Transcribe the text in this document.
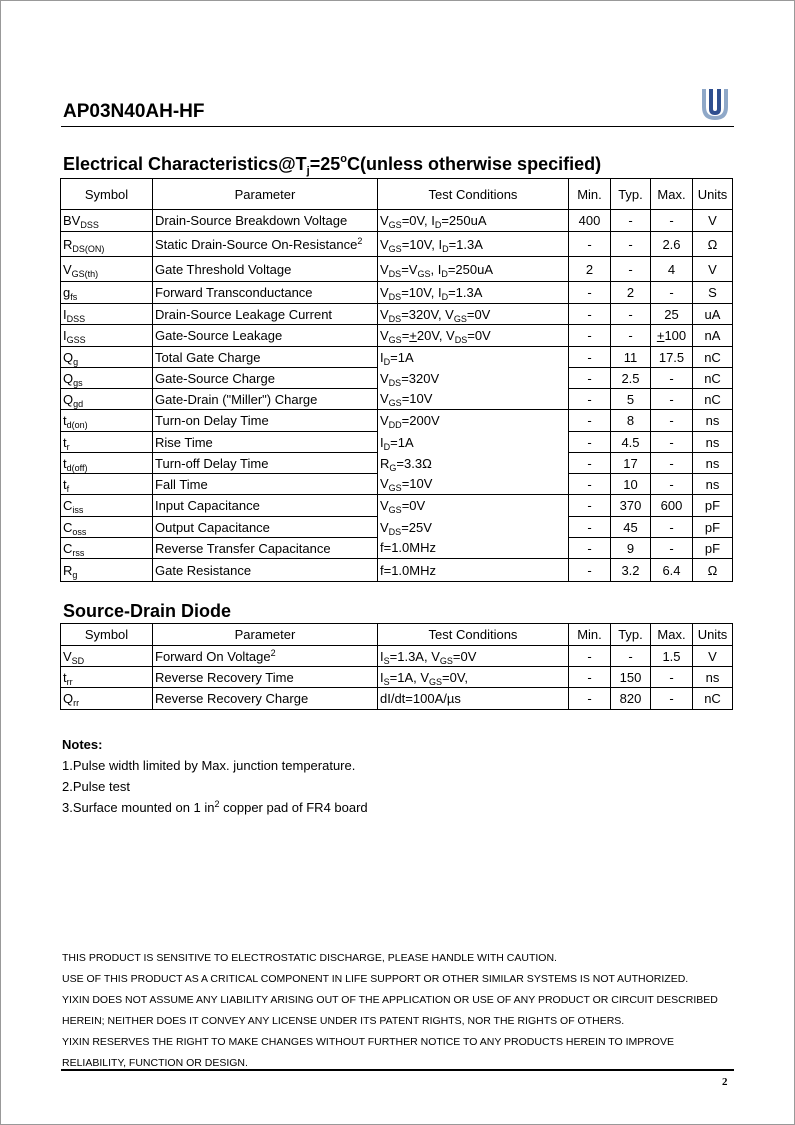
AP03N40AH-HF
Electrical $Characteristics@T_j=25^oC(unless$ otherwise specified)
Symbol	Parameter	Test Conditions	Min.	Typ.	Max.	Units
$BV_{DSS}$	Drain-Source Breakdown Voltage	$V_{GS}=0V$, $I_D=250uA$	400	-	-	V
$R_{DS(ON)}$	Static Drain-Source On-Resistance$^2$	$V_{GS}=10V$, $I_D=1.3A$	-	-	2.6	Ω
$V_{GS(th)}$	Gate Threshold Voltage	$V_{DS}=V_{GS}$, $I_D=250uA$	2	-	4	V
$g_{fs}$	Forward Transconductance	$V_{DS}=10V$, $I_D=1.3A$	-	2	-	S
$I_{DSS}$	Drain-Source Leakage Current	$V_{DS}=320V$, $V_{GS}=0V$	-	-	25	uA
$I_{GSS}$	Gate-Source Leakage	$V_{GS}=+20V$, $V_{DS}=0V$	-	-	+100	nA
$Q_g$	Total Gate Charge	$I_D=1A$	-	11	17.5	nC
$Q_{gs}$	Gate-Source Charge	$V_{DS}=320V$	-	2.5	-	nC
$Q_{gd}$	Gate-Drain ("Miller") Charge	$V_{GS}=10V$	-	5	-	nC
$t_{d(on)}$	Turn-on Delay Time	$V_{DD}=200V$	-	8	-	ns
$t_r$	Rise Time	$I_D=1A$	-	4.5	-	ns
$t_{d(off)}$	Turn-off Delay Time	$R_G=3.3\Omega$	-	17	-	ns
$t_f$	Fall Time	$V_{GS}=10V$	-	10	-	ns
$C_{iss}$	Input Capacitance	$V_{GS}=0V$	-	370	600	pF
$C_{oss}$	Output Capacitance	$V_{DS}=25V$	-	45	-	pF
$C_{rss}$	Reverse Transfer Capacitance	f=1.0MHz	-	9	-	pF
$R_g$	Gate Resistance	f=1.0MHz	-	3.2	6.4	Ω
Source-Drain Diode
Symbol	Parameter	Test Conditions	Min.	Typ.	Max.	Units
$V_{SD}$	Forward On Voltage$^2$	$I_S=1.3A$, $V_{GS}=0V$	-	-	1.5	V
$t_{rr}$	Reverse Recovery Time	$I_S=1A$, $V_{GS}=0V$,	-	150	-	ns
$Q_{rr}$	Reverse Recovery Charge	dI/dt=100A/µs	-	820	-	nC
Notes:
1.Pulse width limited by Max. junction temperature.
2.Pulse test
3.Surface mounted on 1 $in^2$ copper pad of FR4 board
THIS PRODUCT IS SENSITIVE TO ELECTROSTATIC DISCHARGE, PLEASE HANDLE WITH CAUTION.
USE OF THIS PRODUCT AS A CRITICAL COMPONENT IN LIFE SUPPORT OR OTHER SIMILAR SYSTEMS IS NOT AUTHORIZED.
YIXIN DOES NOT ASSUME ANY LIABILITY ARISING OUT OF THE APPLICATION OR USE OF ANY PRODUCT OR CIRCUIT DESCRIBED
HEREIN; NEITHER DOES IT CONVEY ANY LICENSE UNDER ITS PATENT RIGHTS, NOR THE RIGHTS OF OTHERS.
YIXIN RESERVES THE RIGHT TO MAKE CHANGES WITHOUT FURTHER NOTICE TO ANY PRODUCTS HEREIN TO IMPROVE
RELIABILITY, FUNCTION OR DESIGN.
2
